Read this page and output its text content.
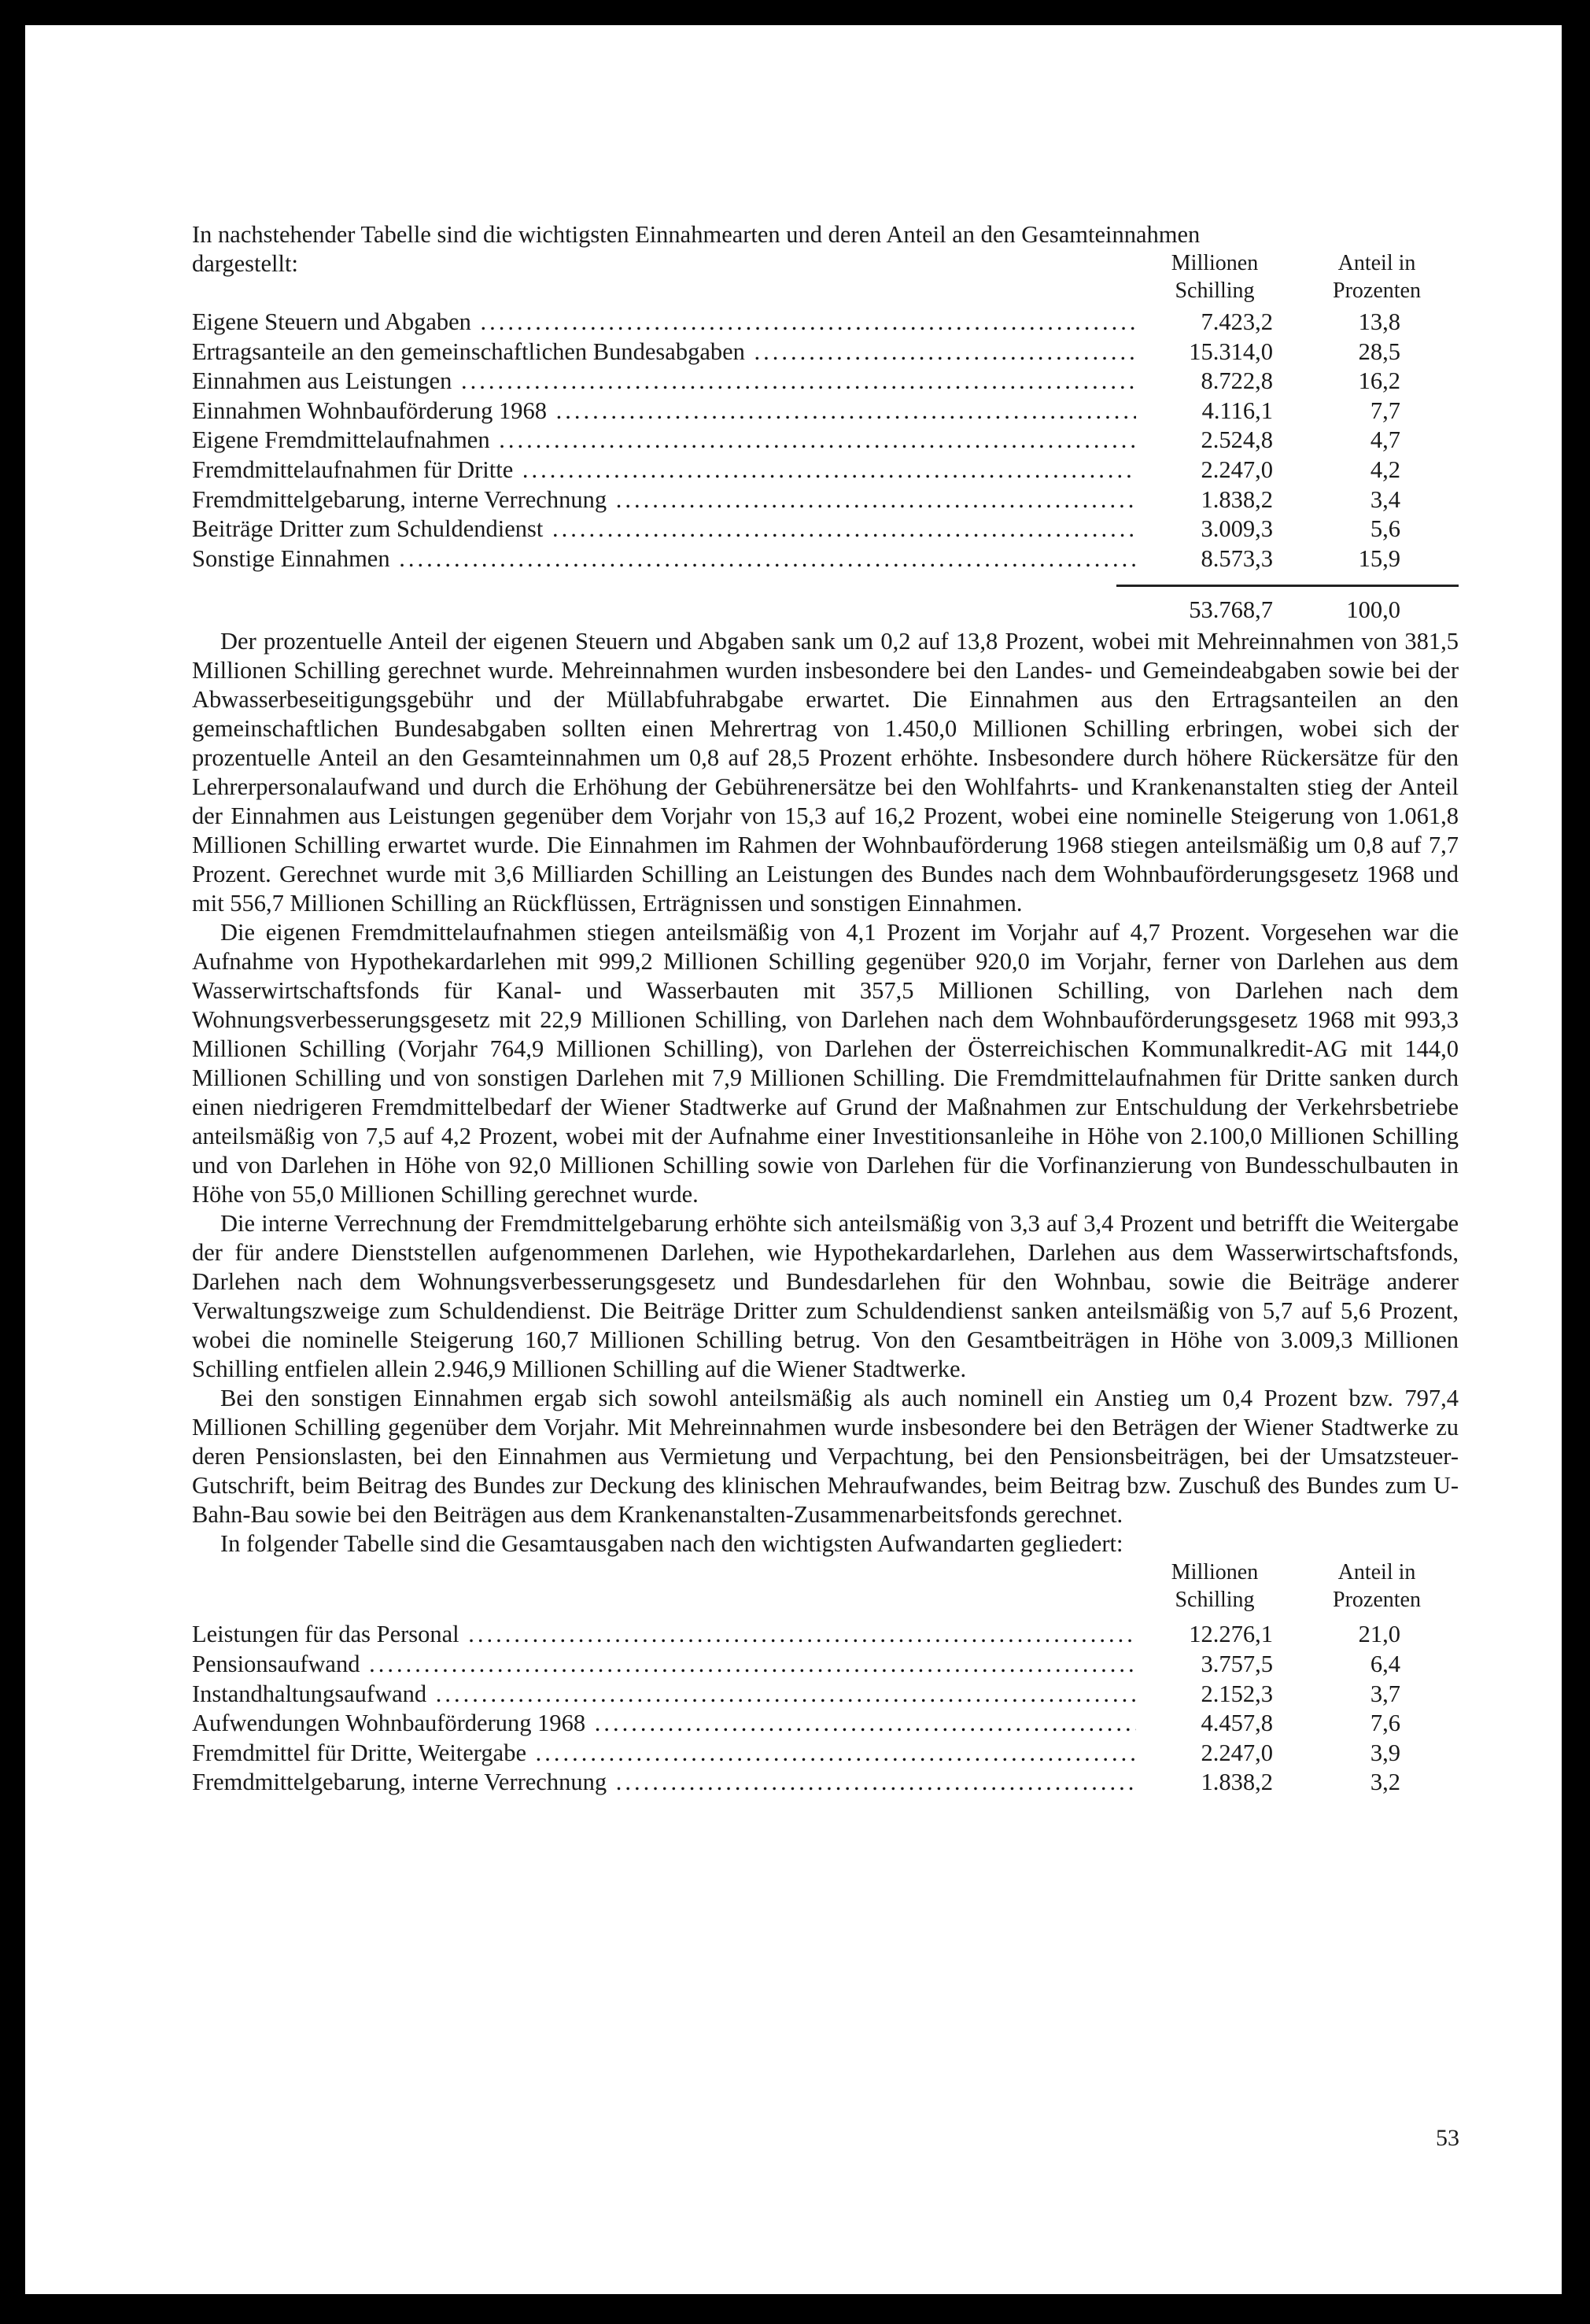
In nachstehender Tabelle sind die wichtigsten Einnahmearten und deren Anteil an den Gesamteinnahmen

dargestellt:	Millionen
Schilling
Anteil in
Prozenten
Eigene Steuern und Abgaben .....	7.423,2	13,8
Ertragsanteile an den gemeinschaftlichen Bundesabgaben .....	15.314,0	28,5
Einnahmen aus Leistungen .....	8.722,8	16,2
Einnahmen Wohnbauförderung 1968 .....	4.116,1	7,7
Eigene Fremdmittelaufnahmen .....	2.524,8	4,7
Fremdmittelaufnahmen für Dritte .....	2.247,0	4,2
Fremdmittelgebarung, interne Verrechnung .....	1.838,2	3,4
Beiträge Dritter zum Schuldendienst .....	3.009,3	5,6
Sonstige Einnahmen .....	8.573,3	15,9
53.768,7	100,0

Der prozentuelle Anteil der eigenen Steuern und Abgaben sank um 0,2 auf 13,8 Prozent, wobei mit Mehreinnahmen von 381,5 Millionen Schilling gerechnet wurde. Mehreinnahmen wurden insbesondere bei den Landes- und Gemeindeabgaben sowie bei der Abwasserbeseitigungsgebühr und der Müllabfuhrabgabe erwartet. Die Einnahmen aus den Ertragsanteilen an den gemeinschaftlichen Bundesabgaben sollten einen Mehrertrag von 1.450,0 Millionen Schilling erbringen, wobei sich der prozentuelle Anteil an den Gesamteinnahmen um 0,8 auf 28,5 Prozent erhöhte. Insbesondere durch höhere Rückersätze für den Lehrerpersonalaufwand und durch die Erhöhung der Gebührenersätze bei den Wohlfahrts- und Krankenanstalten stieg der Anteil der Einnahmen aus Leistungen gegenüber dem Vorjahr von 15,3 auf 16,2 Prozent, wobei eine nominelle Steigerung von 1.061,8 Millionen Schilling erwartet wurde. Die Einnahmen im Rahmen der Wohnbauförderung 1968 stiegen anteilsmäßig um 0,8 auf 7,7 Prozent. Gerechnet wurde mit 3,6 Milliarden Schilling an Leistungen des Bundes nach dem Wohnbauförderungsgesetz 1968 und mit 556,7 Millionen Schilling an Rückflüssen, Erträgnissen und sonstigen Einnahmen.

Die eigenen Fremdmittelaufnahmen stiegen anteilsmäßig von 4,1 Prozent im Vorjahr auf 4,7 Prozent. Vorgesehen war die Aufnahme von Hypothekardarlehen mit 999,2 Millionen Schilling gegenüber 920,0 im Vorjahr, ferner von Darlehen aus dem Wasserwirtschaftsfonds für Kanal- und Wasserbauten mit 357,5 Millionen Schilling, von Darlehen nach dem Wohnungsverbesserungsgesetz mit 22,9 Millionen Schilling, von Darlehen nach dem Wohnbauförderungsgesetz 1968 mit 993,3 Millionen Schilling (Vorjahr 764,9 Millionen Schilling), von Darlehen der Österreichischen Kommunalkredit-AG mit 144,0 Millionen Schilling und von sonstigen Darlehen mit 7,9 Millionen Schilling. Die Fremdmittelaufnahmen für Dritte sanken durch einen niedrigeren Fremdmittelbedarf der Wiener Stadtwerke auf Grund der Maßnahmen zur Entschuldung der Verkehrsbetriebe anteilsmäßig von 7,5 auf 4,2 Prozent, wobei mit der Aufnahme einer Investitionsanleihe in Höhe von 2.100,0 Millionen Schilling und von Darlehen in Höhe von 92,0 Millionen Schilling sowie von Darlehen für die Vorfinanzierung von Bundesschulbauten in Höhe von 55,0 Millionen Schilling gerechnet wurde.

Die interne Verrechnung der Fremdmittelgebarung erhöhte sich anteilsmäßig von 3,3 auf 3,4 Prozent und betrifft die Weitergabe der für andere Dienststellen aufgenommenen Darlehen, wie Hypothekardarlehen, Darlehen aus dem Wasserwirtschaftsfonds, Darlehen nach dem Wohnungsverbesserungsgesetz und Bundesdarlehen für den Wohnbau, sowie die Beiträge anderer Verwaltungszweige zum Schuldendienst. Die Beiträge Dritter zum Schuldendienst sanken anteilsmäßig von 5,7 auf 5,6 Prozent, wobei die nominelle Steigerung 160,7 Millionen Schilling betrug. Von den Gesamtbeiträgen in Höhe von 3.009,3 Millionen Schilling entfielen allein 2.946,9 Millionen Schilling auf die Wiener Stadtwerke.

Bei den sonstigen Einnahmen ergab sich sowohl anteilsmäßig als auch nominell ein Anstieg um 0,4 Prozent bzw. 797,4 Millionen Schilling gegenüber dem Vorjahr. Mit Mehreinnahmen wurde insbesondere bei den Beträgen der Wiener Stadtwerke zu deren Pensionslasten, bei den Einnahmen aus Vermietung und Verpachtung, bei den Pensionsbeiträgen, bei der Umsatzsteuer-Gutschrift, beim Beitrag des Bundes zur Deckung des klinischen Mehraufwandes, beim Beitrag bzw. Zuschuß des Bundes zum U-Bahn-Bau sowie bei den Beiträgen aus dem Krankenanstalten-Zusammenarbeitsfonds gerechnet.

In folgender Tabelle sind die Gesamtausgaben nach den wichtigsten Aufwandarten gegliedert:

Millionen
Schilling
Anteil in
Prozenten
Leistungen für das Personal .....	12.276,1	21,0
Pensionsaufwand .....	3.757,5	6,4
Instandhaltungsaufwand .....	2.152,3	3,7
Aufwendungen Wohnbauförderung 1968 .....	4.457,8	7,6
Fremdmittel für Dritte, Weitergabe .....	2.247,0	3,9
Fremdmittelgebarung, interne Verrechnung .....	1.838,2	3,2
53
